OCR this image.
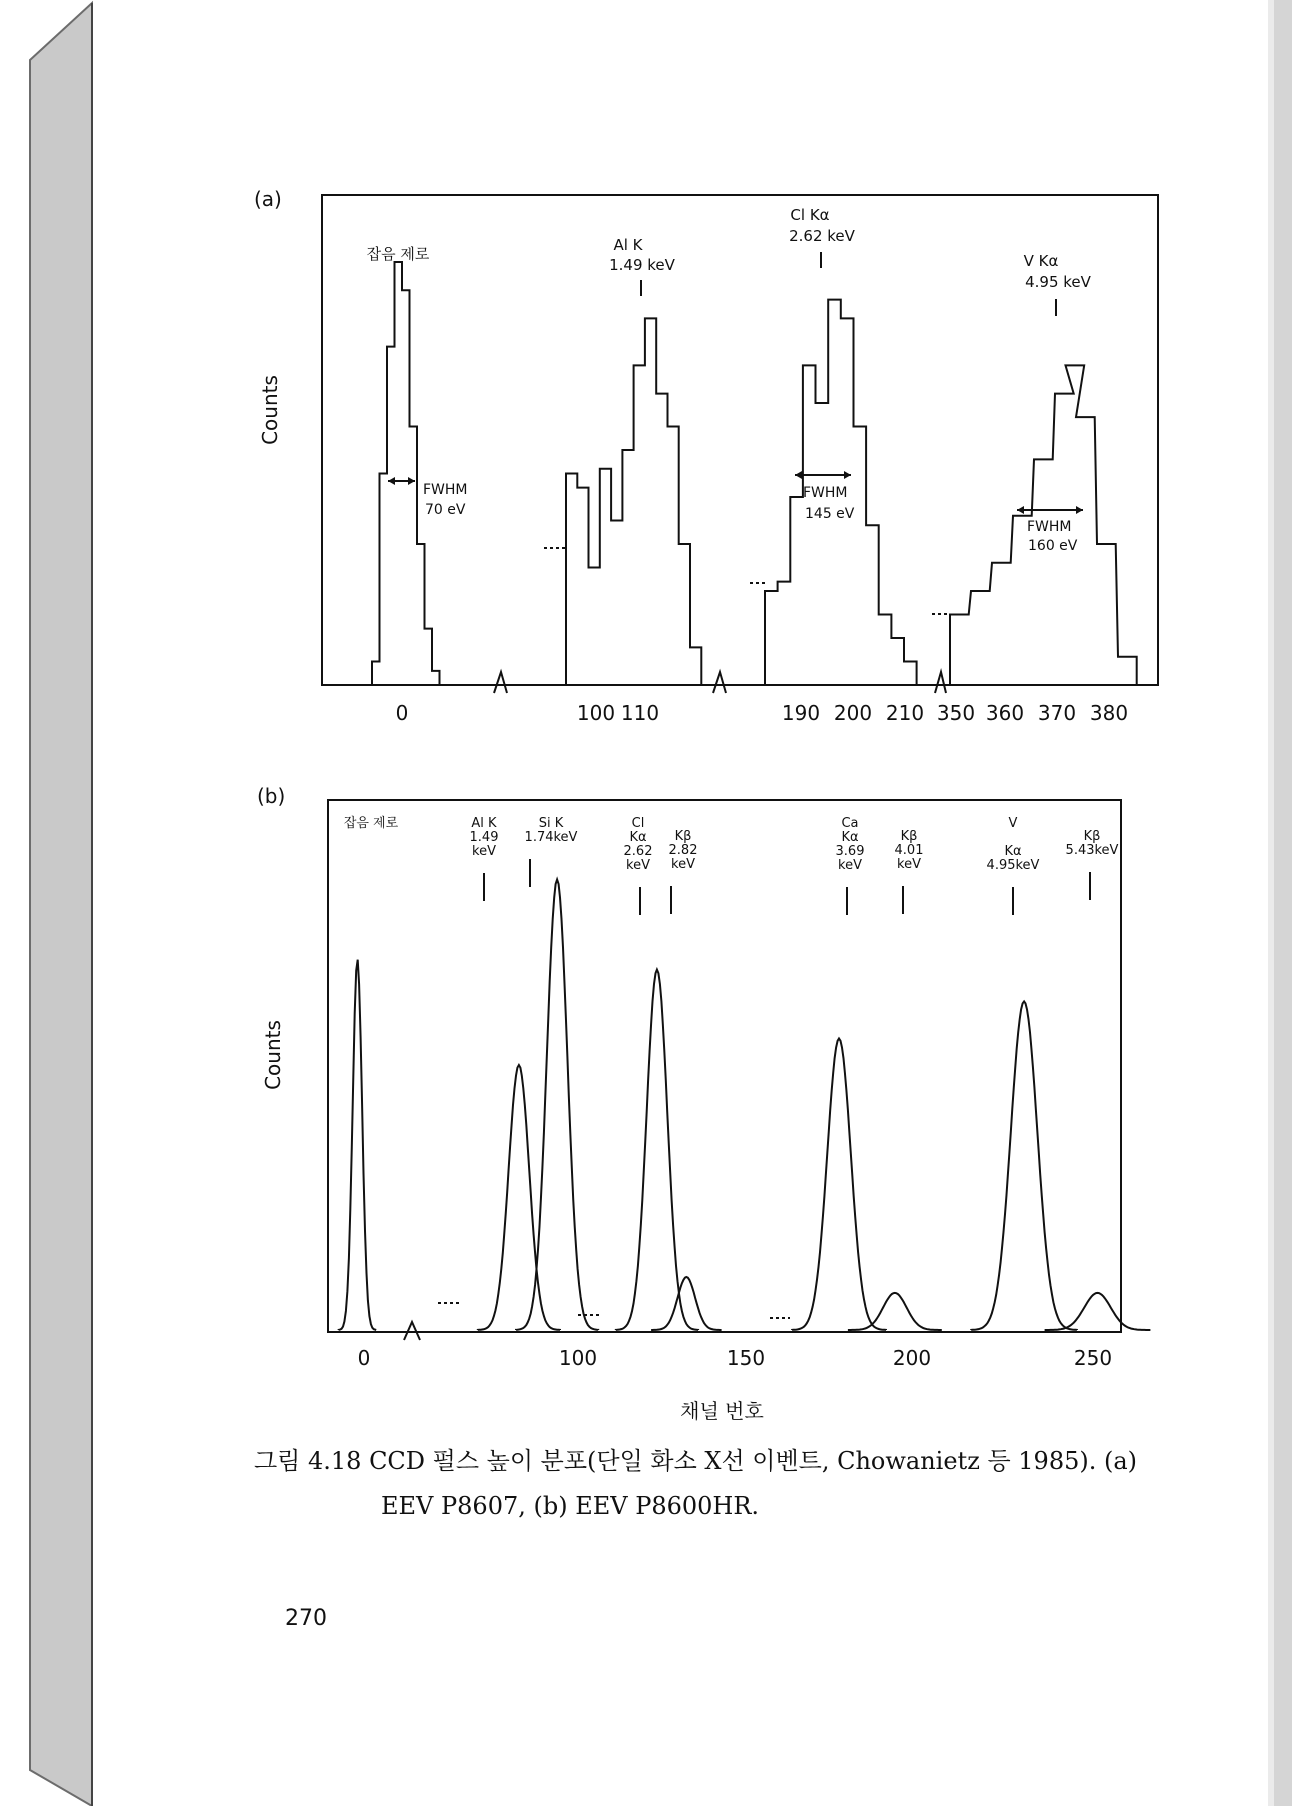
(a)
Counts
0	100 110	190 200 210 350 360 370 380
잡음 제로	Al K
1.49 keV
Cl Kα
2.62 keV
V Kα
4.95 keV
FWHM
70 eV
FWHM
145 eV
FWHM
160 eV
(b)
Counts
0	100	150	200	250
채널 번호
잡음 제로	Al K
1.49
keV
Si K
1.74keV
Cl
Kα
2.62
keV
Kβ
2.82
keV
Ca
Kα
3.69
keV
Kβ
4.01
keV
V
Kα
4.95keV
Kβ
5.43keV
그림 4.18 CCD 펄스 높이 분포(단일 화소 X선 이벤트, Chowanietz 등 1985). (a)
EEV P8607, (b) EEV P8600HR.
270
